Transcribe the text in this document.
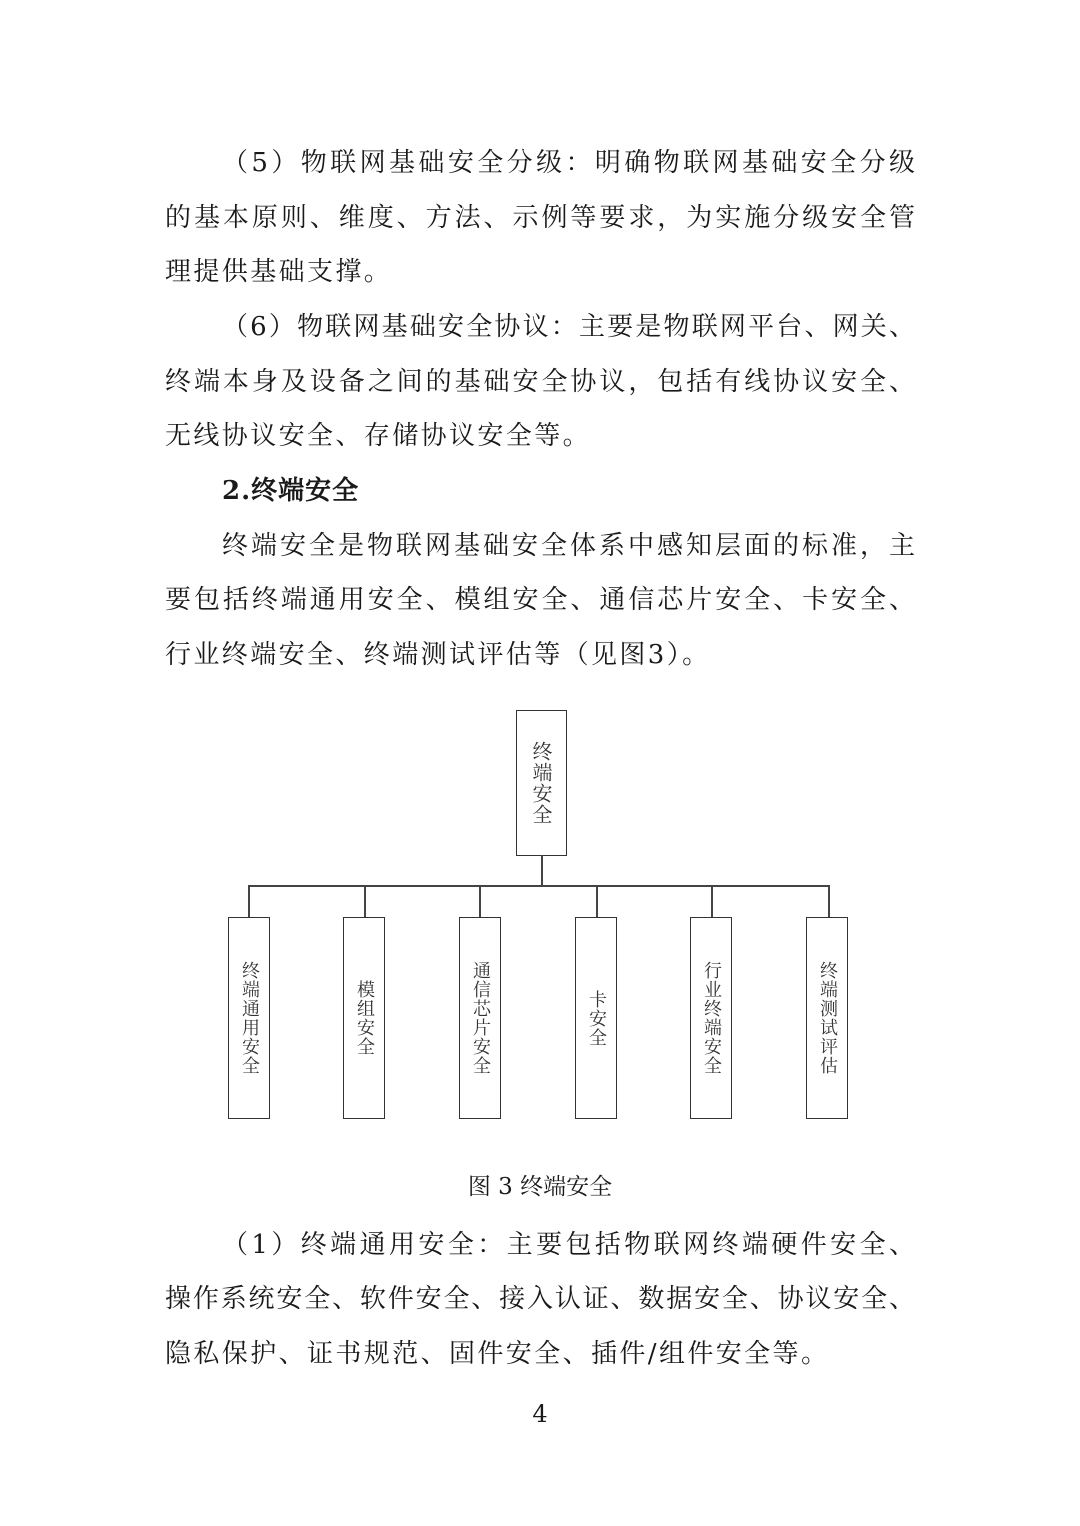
（5）物联网基础安全分级：明确物联网基础安全分级
的基本原则、维度、方法、示例等要求，为实施分级安全管
理提供基础支撑。
（6）物联网基础安全协议：主要是物联网平台、网关、
终端本身及设备之间的基础安全协议，包括有线协议安全、
无线协议安全、存储协议安全等。
2.终端安全
终端安全是物联网基础安全体系中感知层面的标准，主
要包括终端通用安全、模组安全、通信芯片安全、卡安全、
行业终端安全、终端测试评估等（见图3）。
终端安全
终端通用安全	模组安全	通信芯片安全	卡安全	行业终端安全	终端测试评估
图 3 终端安全
（1）终端通用安全：主要包括物联网终端硬件安全、
操作系统安全、软件安全、接入认证、数据安全、协议安全、
隐私保护、证书规范、固件安全、插件/组件安全等。
4
